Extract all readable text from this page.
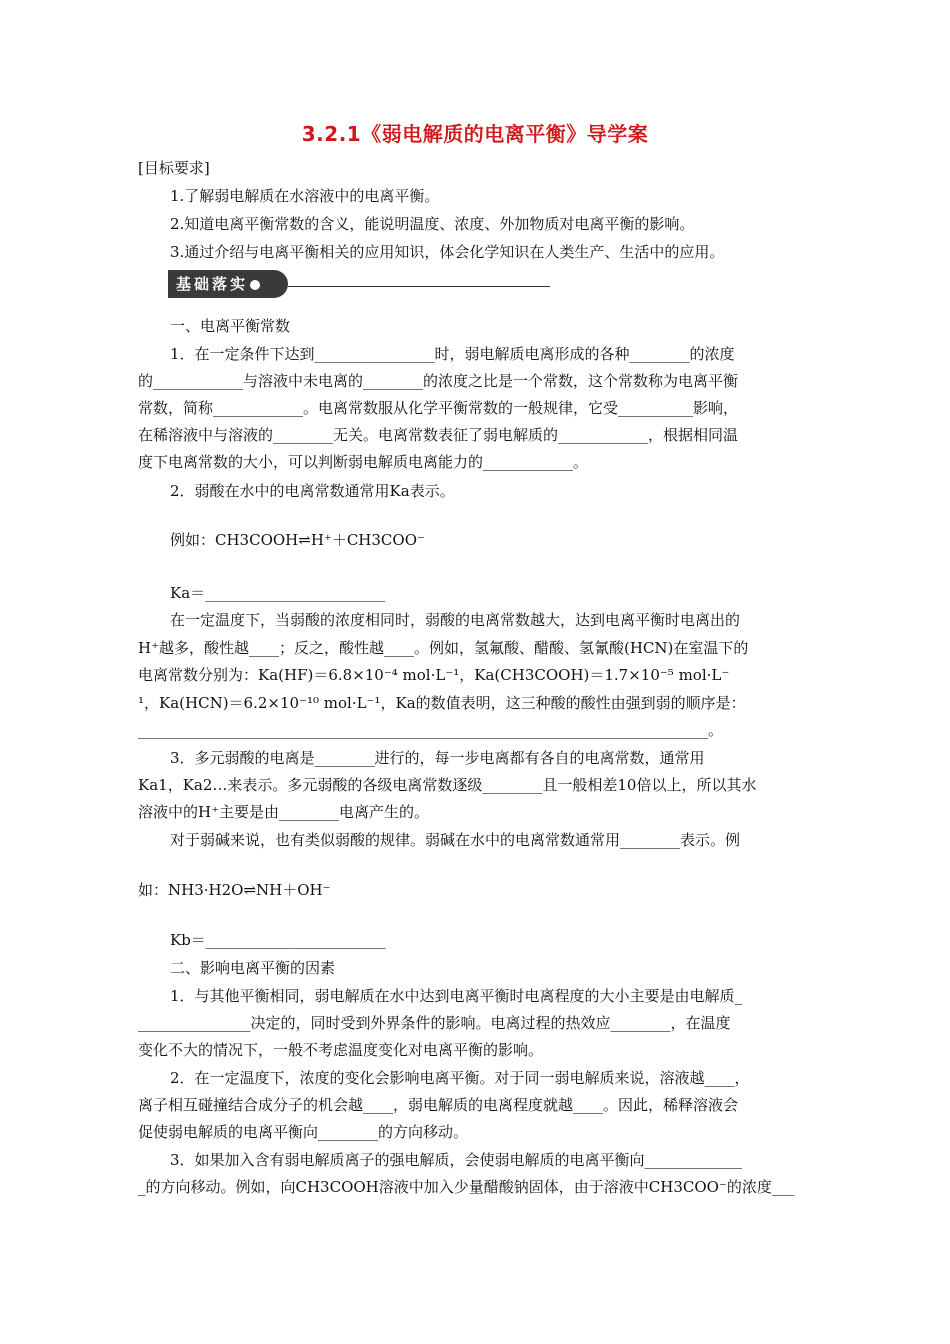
3.2.1《弱电解质的电离平衡》导学案
[目标要求]
1.了解弱电解质在水溶液中的电离平衡。
2.知道电离平衡常数的含义，能说明温度、浓度、外加物质对电离平衡的影响。
3.通过介绍与电离平衡相关的应用知识，体会化学知识在人类生产、生活中的应用。
基础落实
一、电离平衡常数
1．在一定条件下达到________________时，弱电解质电离形成的各种________的浓度
的____________与溶液中未电离的________的浓度之比是一个常数，这个常数称为电离平衡
常数，简称____________。电离常数服从化学平衡常数的一般规律，它受__________影响，
在稀溶液中与溶液的________无关。电离常数表征了弱电解质的____________，根据相同温
度下电离常数的大小，可以判断弱电解质电离能力的____________。
2．弱酸在水中的电离常数通常用Ka表示。
例如：CH3COOH⇌H⁺＋CH3COO⁻
Ka＝________________________
在一定温度下，当弱酸的浓度相同时，弱酸的电离常数越大，达到电离平衡时电离出的
H⁺越多，酸性越____；反之，酸性越____。例如，氢氟酸、醋酸、氢氰酸(HCN)在室温下的
电离常数分别为：Ka(HF)＝6.8×10⁻⁴ mol·L⁻¹，Ka(CH3COOH)＝1.7×10⁻⁵ mol·L⁻
¹，Ka(HCN)＝6.2×10⁻¹⁰ mol·L⁻¹，Ka的数值表明，这三种酸的酸性由强到弱的顺序是：
____________________________________________________________________________。
3．多元弱酸的电离是________进行的，每一步电离都有各自的电离常数，通常用
Ka1，Ka2…来表示。多元弱酸的各级电离常数逐级________且一般相差10倍以上，所以其水
溶液中的H⁺主要是由________电离产生的。
对于弱碱来说，也有类似弱酸的规律。弱碱在水中的电离常数通常用________表示。例
如：NH3·H2O⇌NH＋OH⁻
Kb＝________________________
二、影响电离平衡的因素
1．与其他平衡相同，弱电解质在水中达到电离平衡时电离程度的大小主要是由电解质_
_______________决定的，同时受到外界条件的影响。电离过程的热效应________，在温度
变化不大的情况下，一般不考虑温度变化对电离平衡的影响。
2．在一定温度下，浓度的变化会影响电离平衡。对于同一弱电解质来说，溶液越____，
离子相互碰撞结合成分子的机会越____，弱电解质的电离程度就越____。因此，稀释溶液会
促使弱电解质的电离平衡向________的方向移动。
3．如果加入含有弱电解质离子的强电解质，会使弱电解质的电离平衡向_____________
_的方向移动。例如，向CH3COOH溶液中加入少量醋酸钠固体，由于溶液中CH3COO⁻的浓度___
